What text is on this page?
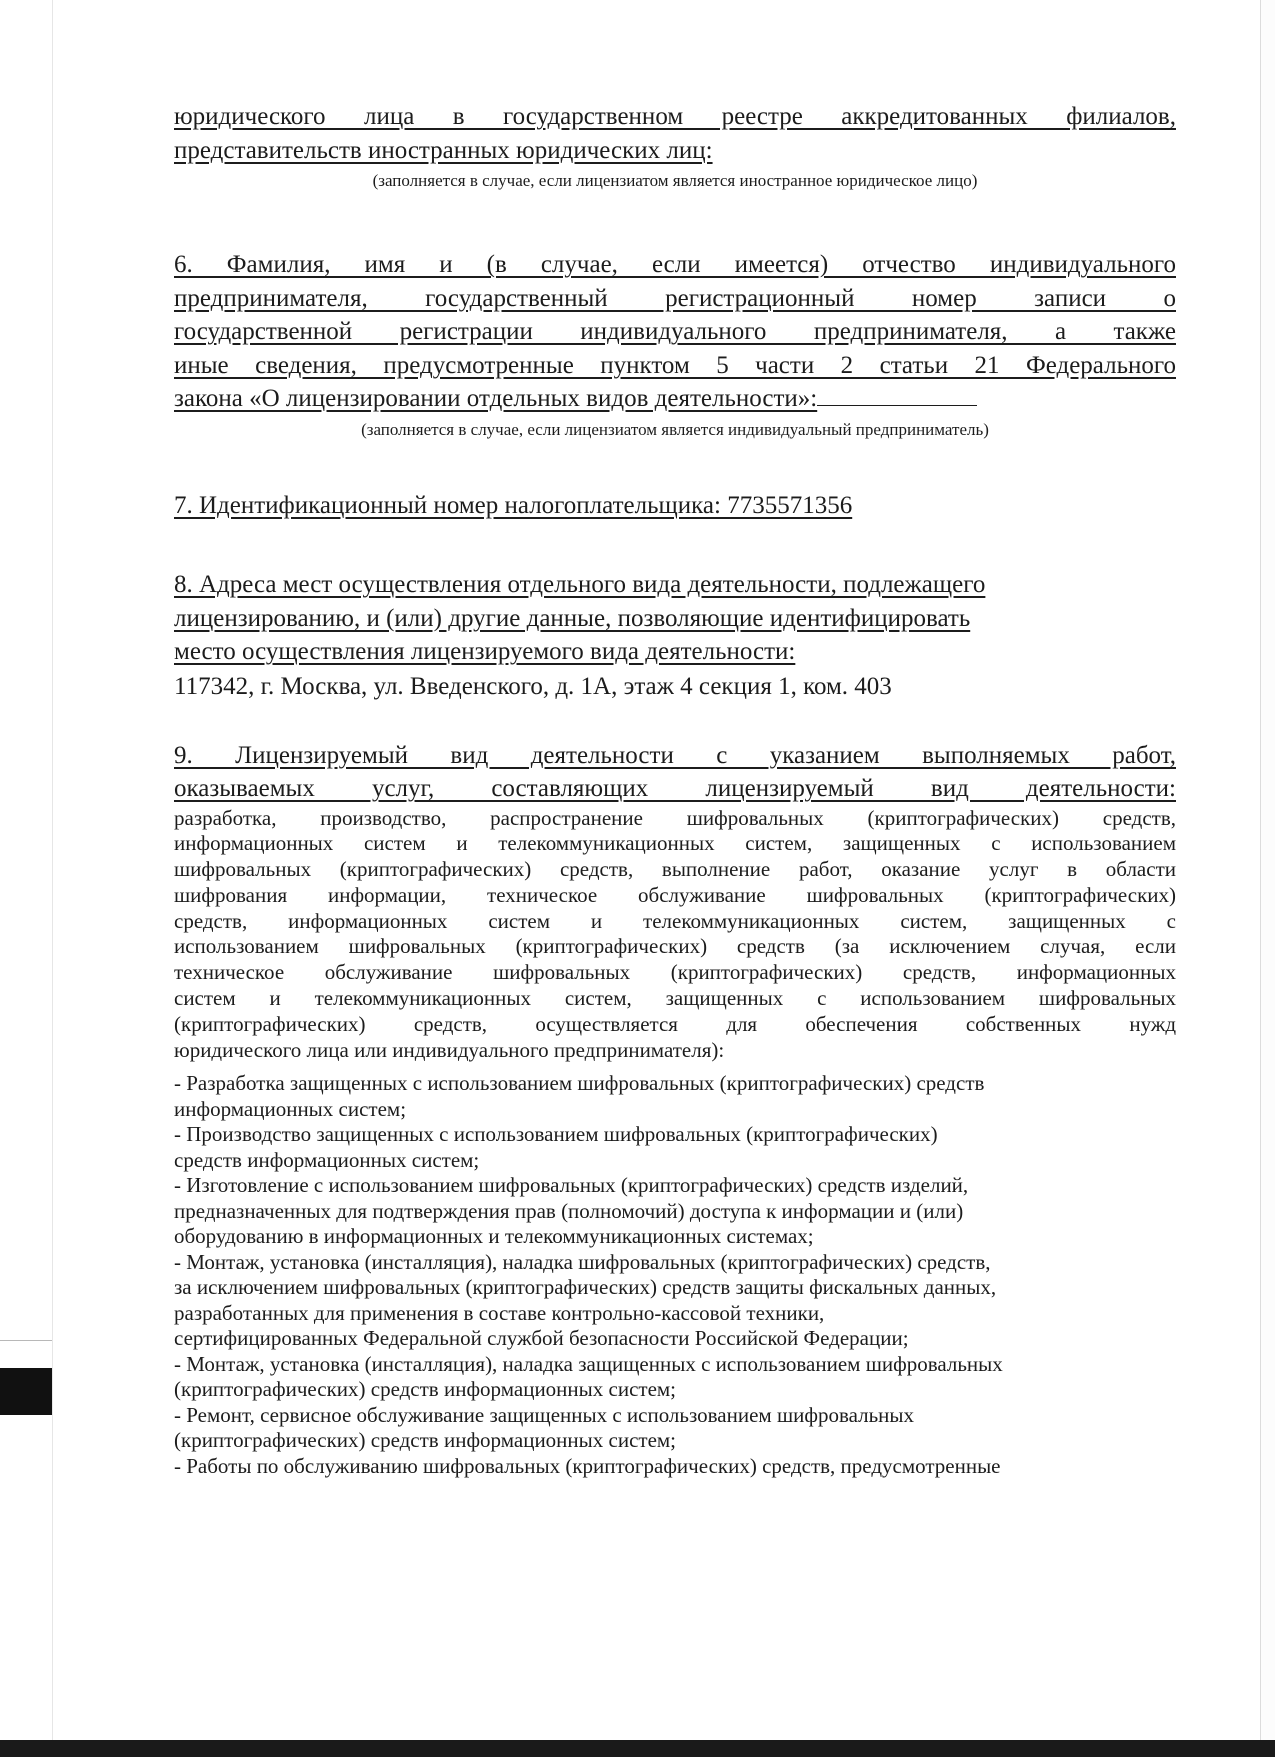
юридического лица в государственном реестре аккредитованных филиалов,
представительств иностранных юридических лиц:

(заполняется в случае, если лицензиатом является иностранное юридическое лицо)

6. Фамилия, имя и (в случае, если имеется) отчество индивидуального
предпринимателя, государственный регистрационный номер записи о
государственной регистрации индивидуального предпринимателя, а также
иные сведения, предусмотренные пунктом 5 части 2 статьи 21 Федерального
закона «О лицензировании отдельных видов деятельности»:

(заполняется в случае, если лицензиатом является индивидуальный предприниматель)

7. Идентификационный номер налогоплательщика: 7735571356

8. Адреса мест осуществления отдельного вида деятельности, подлежащего
лицензированию, и (или) другие данные, позволяющие идентифицировать
место осуществления лицензируемого вида деятельности:

117342, г. Москва, ул. Введенского, д. 1А, этаж 4 секция 1, ком. 403

9. Лицензируемый вид деятельности с указанием выполняемых работ,
оказываемых услуг, составляющих лицензируемый вид деятельности:

разработка, производство, распространение шифровальных (криптографических) средств,
информационных систем и телекоммуникационных систем, защищенных с использованием
шифровальных (криптографических) средств, выполнение работ, оказание услуг в области
шифрования информации, техническое обслуживание шифровальных (криптографических)
средств, информационных систем и телекоммуникационных систем, защищенных с
использованием шифровальных (криптографических) средств (за исключением случая, если
техническое обслуживание шифровальных (криптографических) средств, информационных
систем и телекоммуникационных систем, защищенных с использованием шифровальных
(криптографических) средств, осуществляется для обеспечения собственных нужд
юридического лица или индивидуального предпринимателя):

- Разработка защищенных с использованием шифровальных (криптографических) средств
информационных систем;
- Производство защищенных с использованием шифровальных (криптографических)
средств информационных систем;
- Изготовление с использованием шифровальных (криптографических) средств изделий,
предназначенных для подтверждения прав (полномочий) доступа к информации и (или)
оборудованию в информационных и телекоммуникационных системах;
- Монтаж, установка (инсталляция), наладка шифровальных (криптографических) средств,
за исключением шифровальных (криптографических) средств защиты фискальных данных,
разработанных для применения в составе контрольно-кассовой техники,
сертифицированных Федеральной службой безопасности Российской Федерации;
- Монтаж, установка (инсталляция), наладка защищенных с использованием шифровальных
(криптографических) средств информационных систем;
- Ремонт, сервисное обслуживание защищенных с использованием шифровальных
(криптографических) средств информационных систем;
- Работы по обслуживанию шифровальных (криптографических) средств, предусмотренные
